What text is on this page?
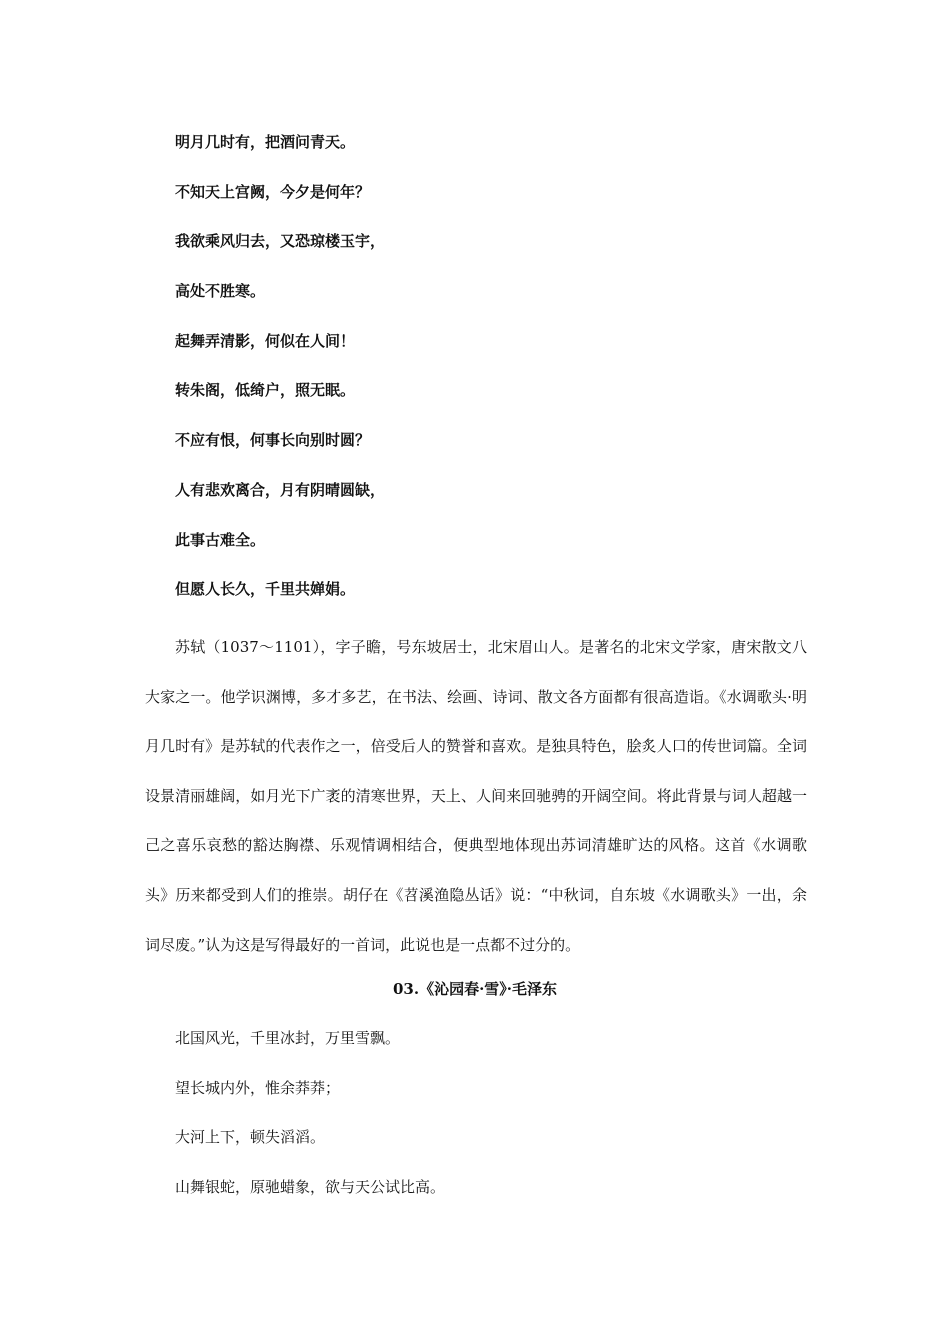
明月几时有，把酒问青天。
不知天上宫阙，今夕是何年？
我欲乘风归去，又恐琼楼玉宇，
高处不胜寒。
起舞弄清影，何似在人间！
转朱阁，低绮户，照无眠。
不应有恨，何事长向别时圆？
人有悲欢离合，月有阴晴圆缺，
此事古难全。
但愿人长久，千里共婵娟。

苏轼（1037～1101），字子瞻，号东坡居士，北宋眉山人。是著名的北宋文学家，唐宋散文八大家之一。他学识渊博，多才多艺，在书法、绘画、诗词、散文各方面都有很高造诣。《水调歌头·明月几时有》是苏轼的代表作之一，倍受后人的赞誉和喜欢。是独具特色，脍炙人口的传世词篇。全词设景清丽雄阔，如月光下广袤的清寒世界，天上、人间来回驰骋的开阔空间。将此背景与词人超越一己之喜乐哀愁的豁达胸襟、乐观情调相结合，便典型地体现出苏词清雄旷达的风格。这首《水调歌头》历来都受到人们的推崇。胡仔在《苕溪渔隐丛话》说：“中秋词，自东坡《水调歌头》一出，余词尽废。”认为这是写得最好的一首词，此说也是一点都不过分的。

03.《沁园春·雪》·毛泽东
北国风光，千里冰封，万里雪飘。
望长城内外，惟余莽莽；
大河上下，顿失滔滔。
山舞银蛇，原驰蜡象，欲与天公试比高。
